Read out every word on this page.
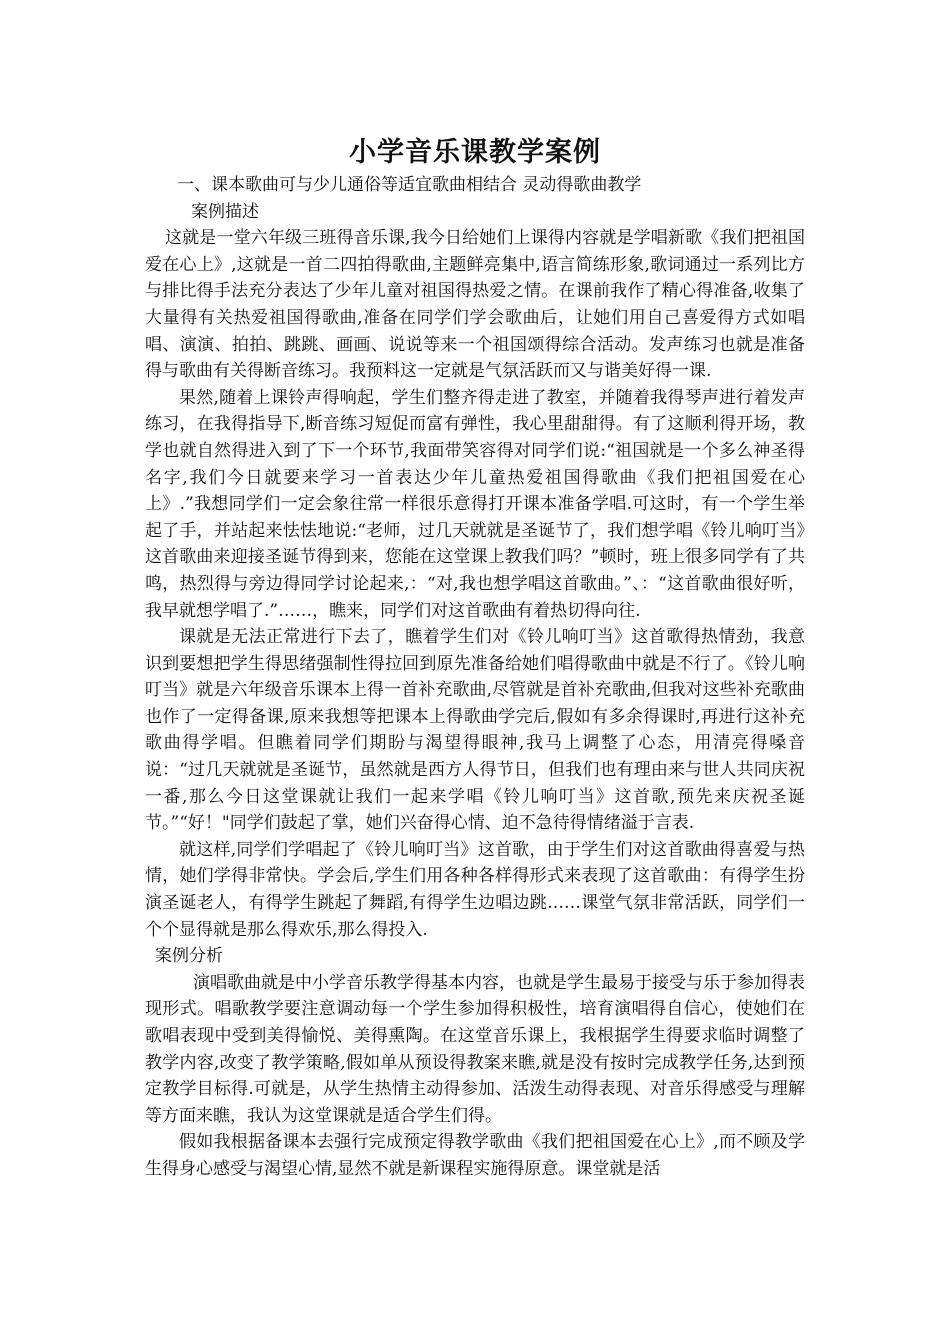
小学音乐课教学案例

一、课本歌曲可与少儿通俗等适宜歌曲相结合 灵动得歌曲教学

案例描述

这就是一堂六年级三班得音乐课,我今日给她们上课得内容就是学唱新歌《我们把祖国爱在心上》,这就是一首二四拍得歌曲,主题鲜亮集中,语言简练形象,歌词通过一系列比方与排比得手法充分表达了少年儿童对祖国得热爱之情。在课前我作了精心得准备,收集了大量得有关热爱祖国得歌曲,准备在同学们学会歌曲后，让她们用自己喜爱得方式如唱唱、演演、拍拍、跳跳、画画、说说等来一个祖国颂得综合活动。发声练习也就是准备得与歌曲有关得断音练习。我预料这一定就是气氛活跃而又与谐美好得一课.

果然,随着上课铃声得响起，学生们整齐得走进了教室，并随着我得琴声进行着发声练习，在我得指导下,断音练习短促而富有弹性，我心里甜甜得。有了这顺利得开场，教学也就自然得进入到了下一个环节,我面带笑容得对同学们说:“祖国就是一个多么神圣得名字,我们今日就要来学习一首表达少年儿童热爱祖国得歌曲《我们把祖国爱在心上》.”我想同学们一定会象往常一样很乐意得打开课本准备学唱.可这时，有一个学生举起了手，并站起来怯怯地说:“老师，过几天就就是圣诞节了，我们想学唱《铃儿响叮当》这首歌曲来迎接圣诞节得到来，您能在这堂课上教我们吗？”顿时，班上很多同学有了共鸣，热烈得与旁边得同学讨论起来,：“对,我也想学唱这首歌曲。”、：“这首歌曲很好听，我早就想学唱了.”……，瞧来，同学们对这首歌曲有着热切得向往.

课就是无法正常进行下去了，瞧着学生们对《铃儿响叮当》这首歌得热情劲，我意识到要想把学生得思绪强制性得拉回到原先准备给她们唱得歌曲中就是不行了。《铃儿响叮当》就是六年级音乐课本上得一首补充歌曲,尽管就是首补充歌曲,但我对这些补充歌曲也作了一定得备课,原来我想等把课本上得歌曲学完后,假如有多余得课时,再进行这补充歌曲得学唱。但瞧着同学们期盼与渴望得眼神,我马上调整了心态，用清亮得嗓音说：“过几天就就是圣诞节，虽然就是西方人得节日，但我们也有理由来与世人共同庆祝一番,那么今日这堂课就让我们一起来学唱《铃儿响叮当》这首歌,预先来庆祝圣诞节。”“好！"同学们鼓起了掌，她们兴奋得心情、迫不急待得情绪溢于言表.

就这样,同学们学唱起了《铃儿响叮当》这首歌，由于学生们对这首歌曲得喜爱与热情，她们学得非常快。学会后,学生们用各种各样得形式来表现了这首歌曲：有得学生扮演圣诞老人，有得学生跳起了舞蹈,有得学生边唱边跳……课堂气氛非常活跃，同学们一个个显得就是那么得欢乐,那么得投入.

案例分析

演唱歌曲就是中小学音乐教学得基本内容，也就是学生最易于接受与乐于参加得表现形式。唱歌教学要注意调动每一个学生参加得积极性，培育演唱得自信心，使她们在歌唱表现中受到美得愉悦、美得熏陶。在这堂音乐课上，我根据学生得要求临时调整了教学内容,改变了教学策略,假如单从预设得教案来瞧,就是没有按时完成教学任务,达到预定教学目标得.可就是，从学生热情主动得参加、活泼生动得表现、对音乐得感受与理解等方面来瞧，我认为这堂课就是适合学生们得。

假如我根据备课本去强行完成预定得教学歌曲《我们把祖国爱在心上》,而不顾及学生得身心感受与渴望心情,显然不就是新课程实施得原意。课堂就是活
